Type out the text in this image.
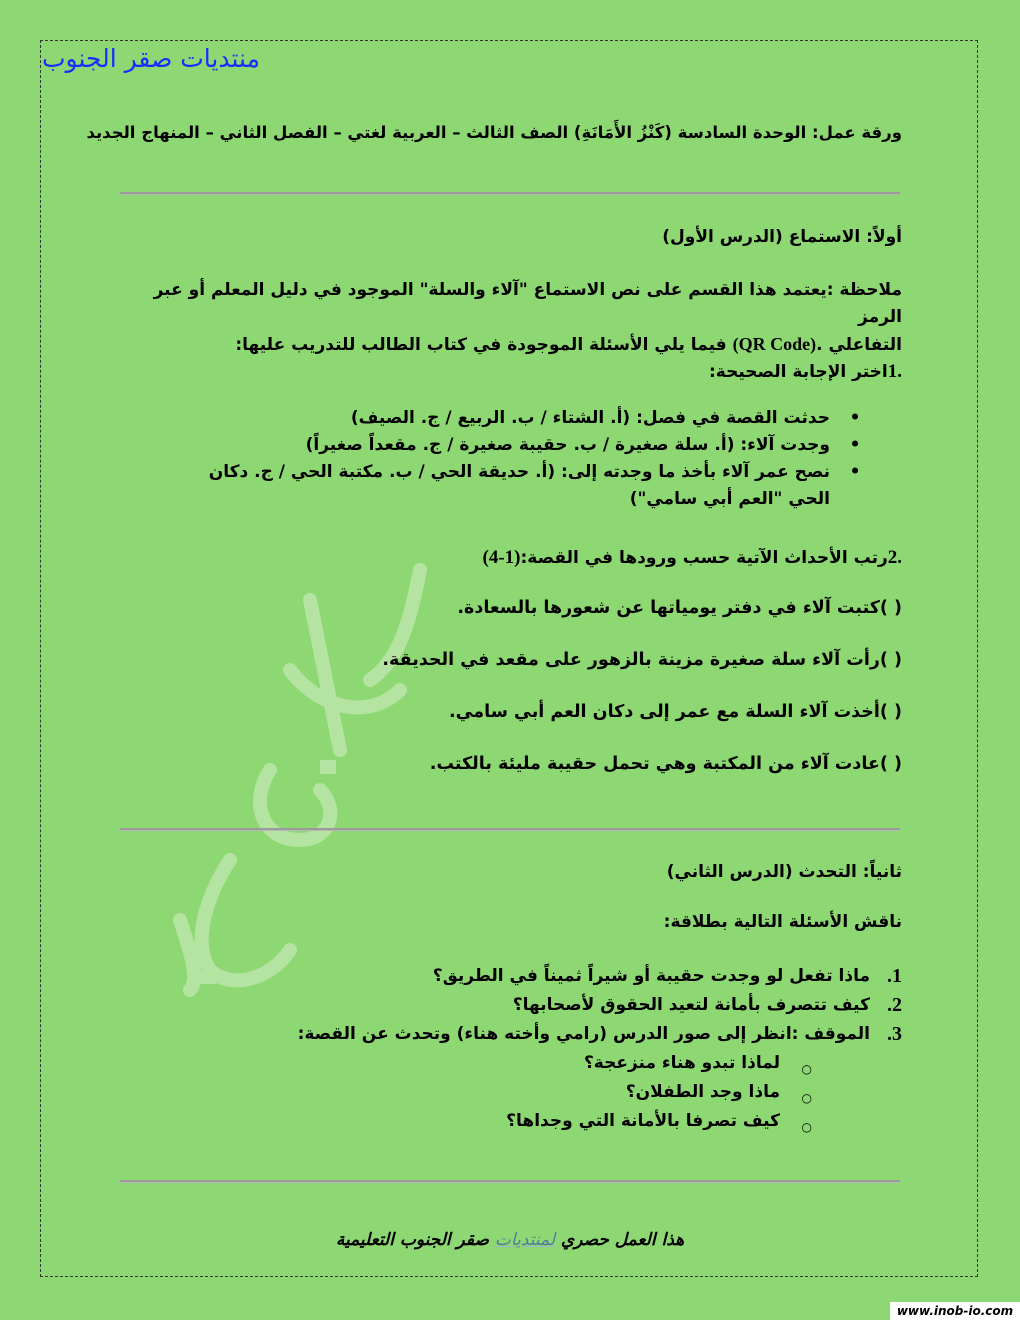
منتديات صقر الجنوب
ورقة عمل: الوحدة السادسة (كَنْزُ الأَمَانَةِ) الصف الثالث – العربية لغتي – الفصل الثاني – المنهاج الجديد
أولاً: الاستماع (الدرس الأول)
ملاحظة :يعتمد هذا القسم على نص الاستماع "آلاء والسلة" الموجود في دليل المعلم أو عبر الرمز
التفاعلي .(QR Code) فيما يلي الأسئلة الموجودة في كتاب الطالب للتدريب عليها:
.1اختر الإجابة الصحيحة:
•
حدثت القصة في فصل: (أ. الشتاء / ب. الربيع / ج. الصيف)
•
وجدت آلاء: (أ. سلة صغيرة / ب. حقيبة صغيرة / ج. مقعداً صغيراً)
•
نصح عمر آلاء بأخذ ما وجدته إلى: (أ. حديقة الحي / ب. مكتبة الحي / ج. دكان الحي "العم أبي سامي")
.2رتب الأحداث الآتية حسب ورودها في القصة:(1-4)
( )كتبت آلاء في دفتر يومياتها عن شعورها بالسعادة.
( )رأت آلاء سلة صغيرة مزينة بالزهور على مقعد في الحديقة.
( )أخذت آلاء السلة مع عمر إلى دكان العم أبي سامي.
( )عادت آلاء من المكتبة وهي تحمل حقيبة مليئة بالكتب.
ثانياً: التحدث (الدرس الثاني)
ناقش الأسئلة التالية بطلاقة:
1.
ماذا تفعل لو وجدت حقيبة أو شيراً ثميناً في الطريق؟
2.
كيف تتصرف بأمانة لتعيد الحقوق لأصحابها؟
3.
الموقف :انظر إلى صور الدرس (رامي وأخته هناء) وتحدث عن القصة:
○
لماذا تبدو هناء منزعجة؟
○
ماذا وجد الطفلان؟
○
كيف تصرفا بالأمانة التي وجداها؟
هذا العمل حصري لمنتديات صقر الجنوب التعليمية
www.inob-io.com
